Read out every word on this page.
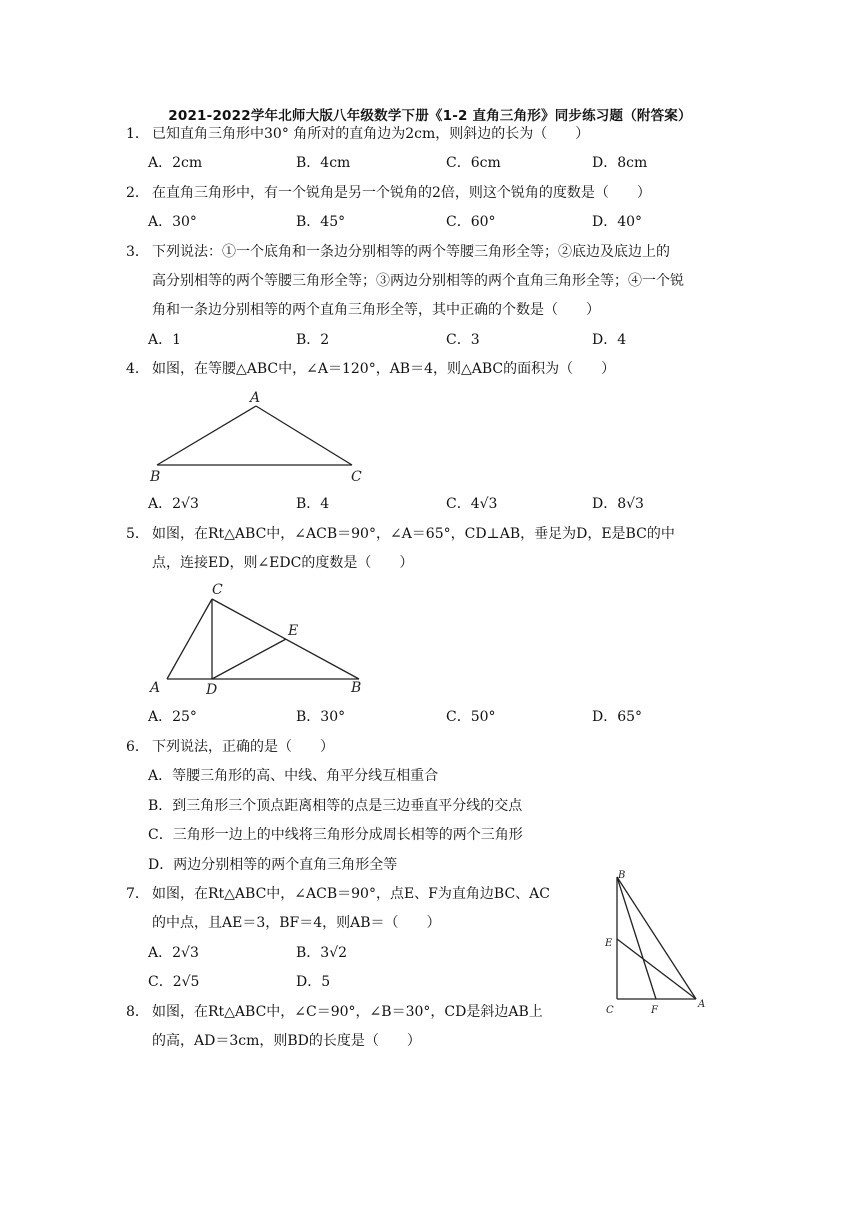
2021-2022学年北师大版八年级数学下册《1-2 直角三角形》同步练习题（附答案）
1． 已知直角三角形中30° 角所对的直角边为2cm，则斜边的长为（　　）
A．2cm	B．4cm	C．6cm	D．8cm
2． 在直角三角形中，有一个锐角是另一个锐角的2倍，则这个锐角的度数是（　　）
A．30°	B．45°	C．60°	D．40°
3． 下列说法：①一个底角和一条边分别相等的两个等腰三角形全等；②底边及底边上的
高分别相等的两个等腰三角形全等；③两边分别相等的两个直角三角形全等；④一个锐
角和一条边分别相等的两个直角三角形全等，其中正确的个数是（　　）
A．1	B．2	C．3	D．4
4． 如图，在等腰△ABC中，∠A＝120°，AB＝4，则△ABC的面积为（　　）
A
B	C
A．2√3	B．4	C．4√3	D．8√3
5． 如图，在Rt△ABC中，∠ACB＝90°，∠A＝65°，CD⊥AB，垂足为D，E是BC的中
点，连接ED，则∠EDC的度数是（　　）
C
E
A	D	B
A．25°	B．30°	C．50°	D．65°
6． 下列说法，正确的是（　　）
A．等腰三角形的高、中线、角平分线互相重合
B．到三角形三个顶点距离相等的点是三边垂直平分线的交点
C．三角形一边上的中线将三角形分成周长相等的两个三角形
D．两边分别相等的两个直角三角形全等
7． 如图，在Rt△ABC中，∠ACB＝90°，点E、F为直角边BC、AC
的中点，且AE＝3，BF＝4，则AB＝（　　）
B
E
C	F
A
A．2√3	B．3√2
C．2√5	D．5
8． 如图，在Rt△ABC中，∠C＝90°，∠B＝30°，CD是斜边AB上
的高，AD＝3cm，则BD的长度是（　　）
